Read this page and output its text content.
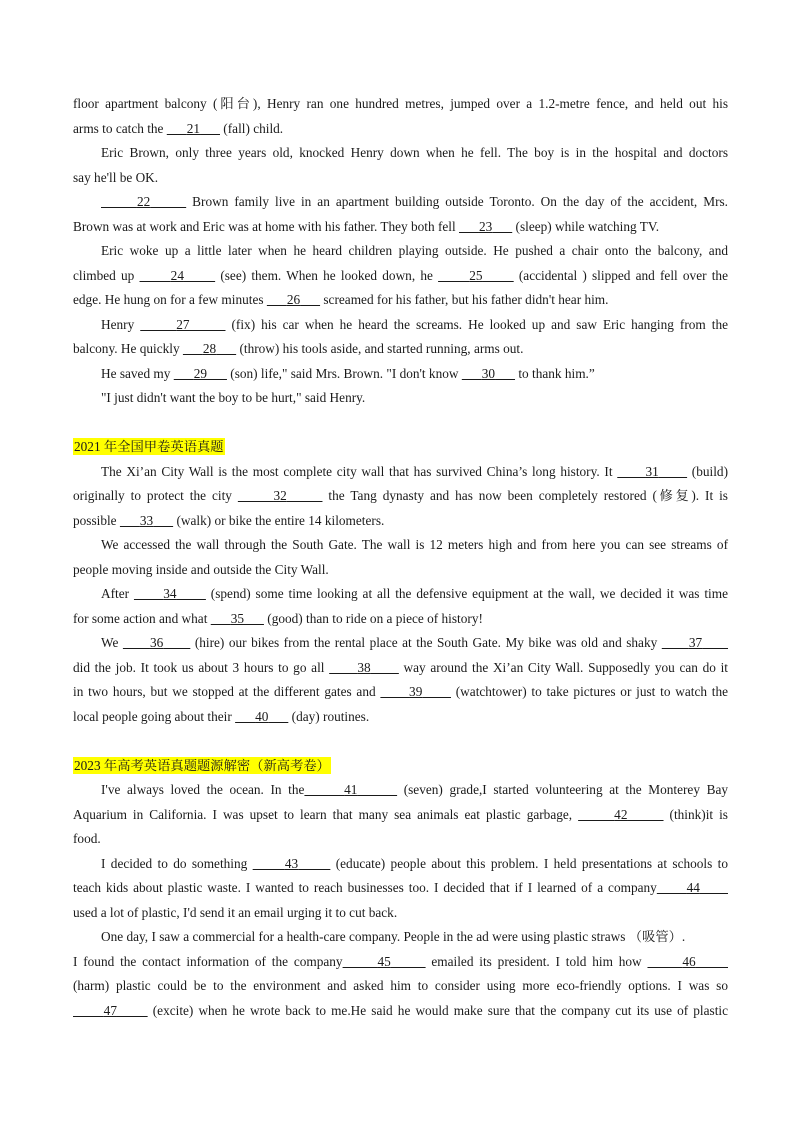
floor apartment balcony (阳台), Henry ran one hundred metres, jumped over a 1.2-metre fence, and held out his
arms to catch the       21       (fall) child.
Eric Brown, only three years old, knocked Henry down when he fell. The boy is in the hospital and doctors
say he'll be OK.
22	Brown family live in an apartment building outside Toronto. On the day of the accident, Mrs.
Brown was at work and Eric was at home with his father. They both fell       23       (sleep) while watching TV.
Eric woke up a little later when he heard children playing outside. He pushed a chair onto the balcony, and
climbed up       24       (see) them. When he looked down, he       25       (accidental ) slipped and fell over the
edge. He hung on for a few minutes       26       screamed for his father, but his father didn't hear him.
Henry	27	(fix) his car when he heard the screams. He looked up and saw Eric hanging from the
balcony. He quickly       28       (throw) his tools aside, and started running, arms out.
He saved my       29       (son) life," said Mrs. Brown. "I don't know       30       to thank him.”
"I just didn't want the boy to be hurt," said Henry.
2021 年全国甲卷英语真题
The Xi’an City Wall is the most complete city wall that has survived China’s long history. It       31       (build)
originally to protect the city	32	the Tang dynasty and has now been completely restored (修复). It is
possible       33       (walk) or bike the entire 14 kilometers.
We accessed the wall through the South Gate. The wall is 12 meters high and from here you can see streams of
people moving inside and outside the City Wall.
After       34       (spend) some time looking at all the defensive equipment at the wall, we decided it was time
for some action and what       35       (good) than to ride on a piece of history!
We       36       (hire) our bikes from the rental place at the South Gate. My bike was old and shaky       37
did the job. It took us about 3 hours to go all       38       way around the Xi’an City Wall. Supposedly you can do it
in two hours, but we stopped at the different gates and       39       (watchtower) to take pictures or just to watch the
local people going about their       40       (day) routines.
2023 年高考英语真题题源解密（新高考卷）
I've always loved the ocean. In the	41	(seven) grade,I started volunteering at the Monterey Bay
Aquarium in California. I was upset to learn that many sea animals eat plastic garbage,	42	(think)it is
food.
I decided to do something       43       (educate) people about this problem. I held presentations at schools to
teach kids about plastic waste. I wanted to reach businesses too. I decided that if I learned of a company 44
used a lot of plastic, I'd send it an email urging it to cut back.
One day, I saw a commercial for a health-care company. People in the ad were using plastic straws （吸管）.
I found the contact information of the company	45	emailed its president. I told him how	46
(harm) plastic could be to the environment and asked him to consider using more eco-friendly options. I was so
47       (excite) when he wrote back to me.He said he would make sure that the company cut its use of plastic
